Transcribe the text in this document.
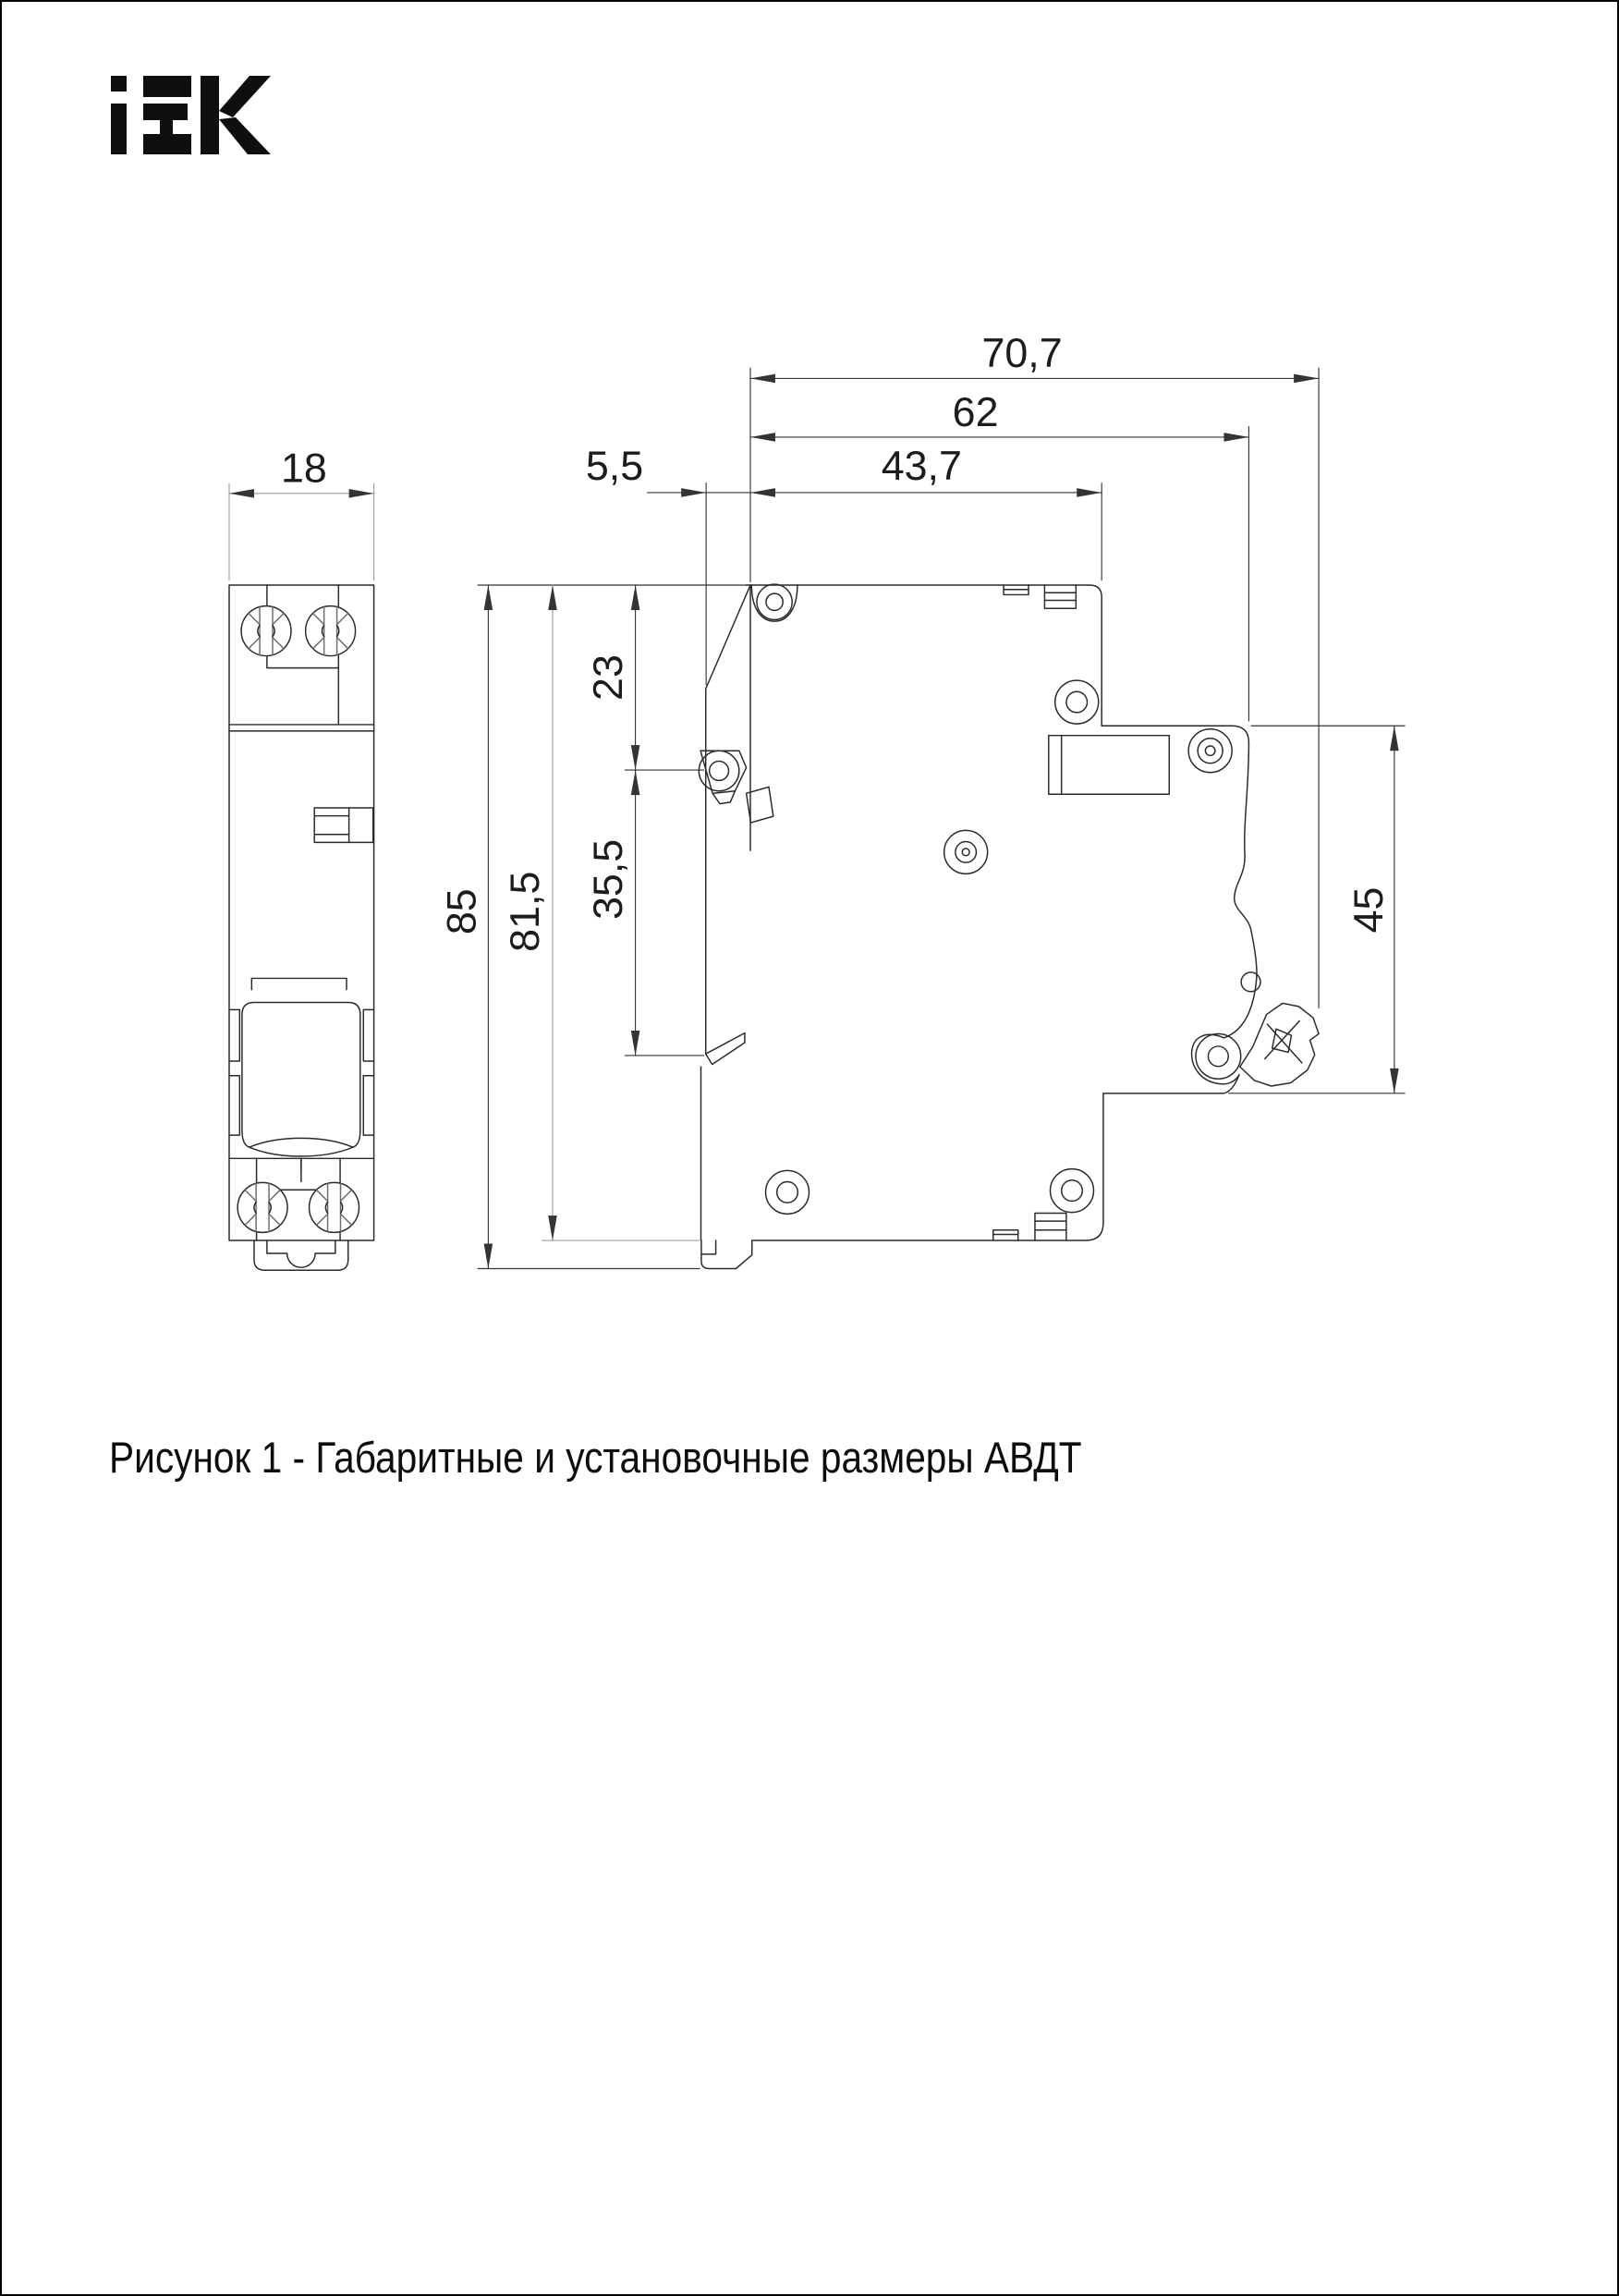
18
70,7
62
43,7
5,5
85	81,5
23
35,5	45
Рисунок 1 - Габаритные и установочные размеры АВДТ
